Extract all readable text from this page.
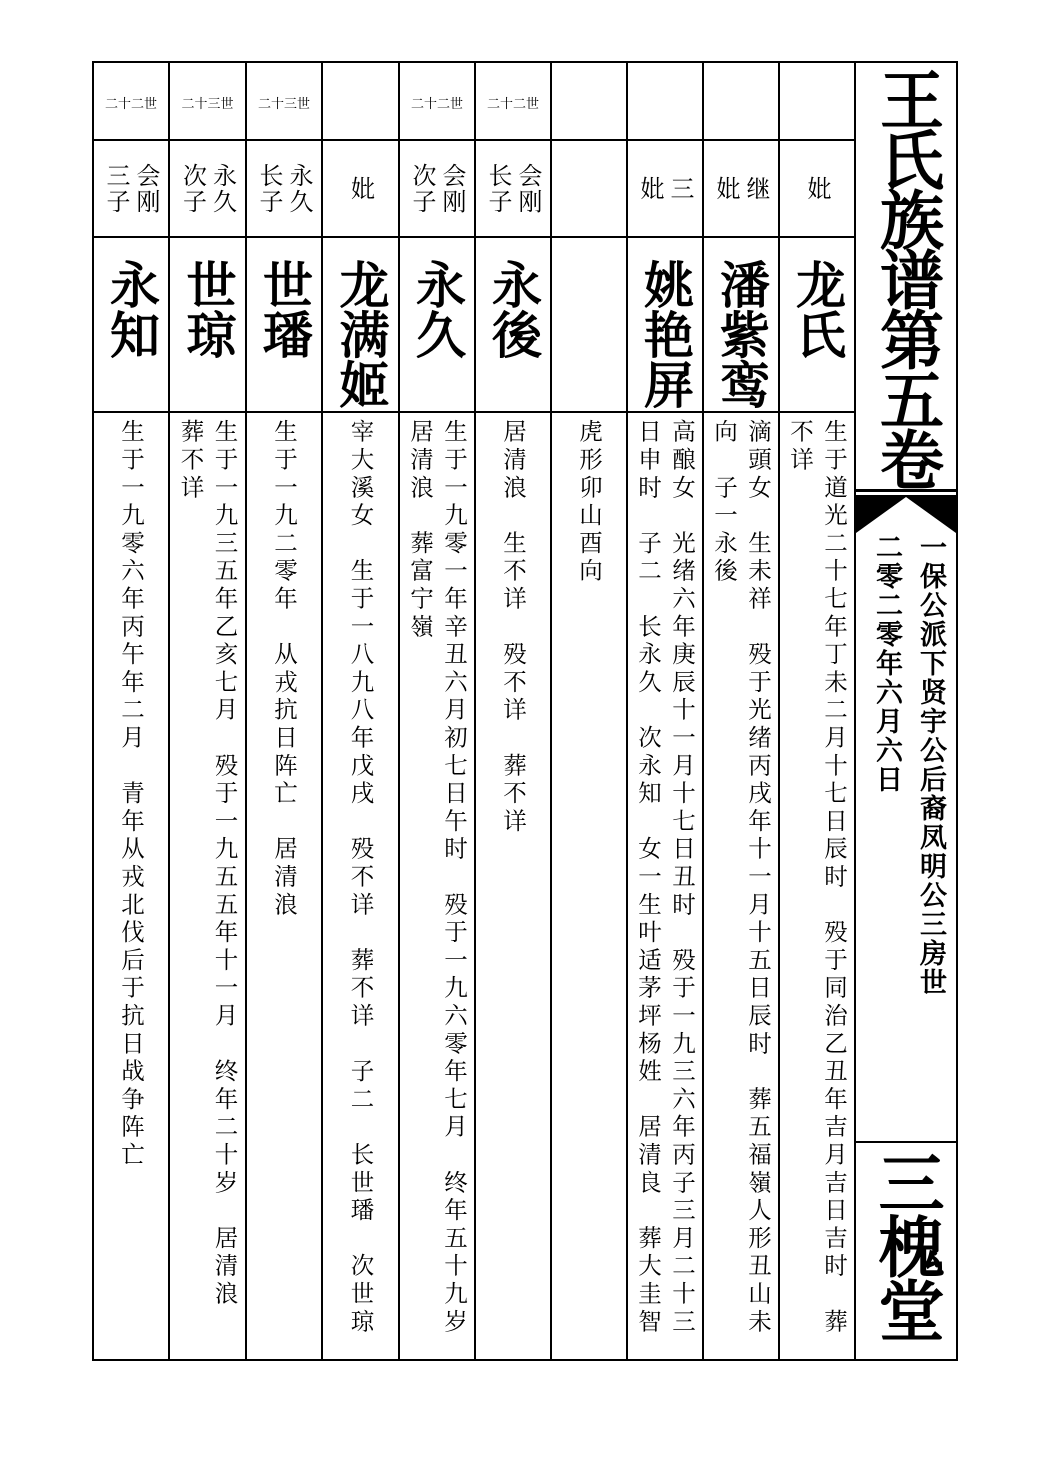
妣
龙氏
生于道光二十七年丁未二月十七日辰时　殁于同治乙丑年吉月吉日吉时　葬
不详
继
妣
潘紫鸾
滴頭女　生未祥　殁于光绪丙戌年十一月十五日辰时　葬五福嶺人形丑山未
向　子一永後
三
妣
姚艳屏
高酿女　光绪六年庚辰十一月十七日丑时　殁于一九三六年丙子三月二十三
日申时　子二　长永久　次永知　女一生叶适茅坪杨姓　居清良　葬大圭智
虎形卯山酉向
二十二世
会刚
长子
永後
居清浪　生不详　殁不详　葬不详
二十二世
会刚
次子
永久
生于一九零一年辛丑六月初七日午时　殁于一九六零年七月　终年五十九岁
居清浪　葬富宁嶺
妣
龙满姬
宰大溪女　生于一八九八年戊戌　殁不详　葬不详　子二　长世璠　次世琼
二十三世
永久
长子
世璠
生于一九二零年　从戎抗日阵亡　居清浪
二十三世
永久
次子
世琼
生于一九三五年乙亥七月　殁于一九五五年十一月　终年二十岁　居清浪
葬不详
二十二世
会刚
三子
永知
生于一九零六年丙午年二月　青年从戎北伐后于抗日战争阵亡
王氏族谱第五卷
一保公派下贤宇公后裔凤明公三房世
二零二零年六月六日
三槐堂
